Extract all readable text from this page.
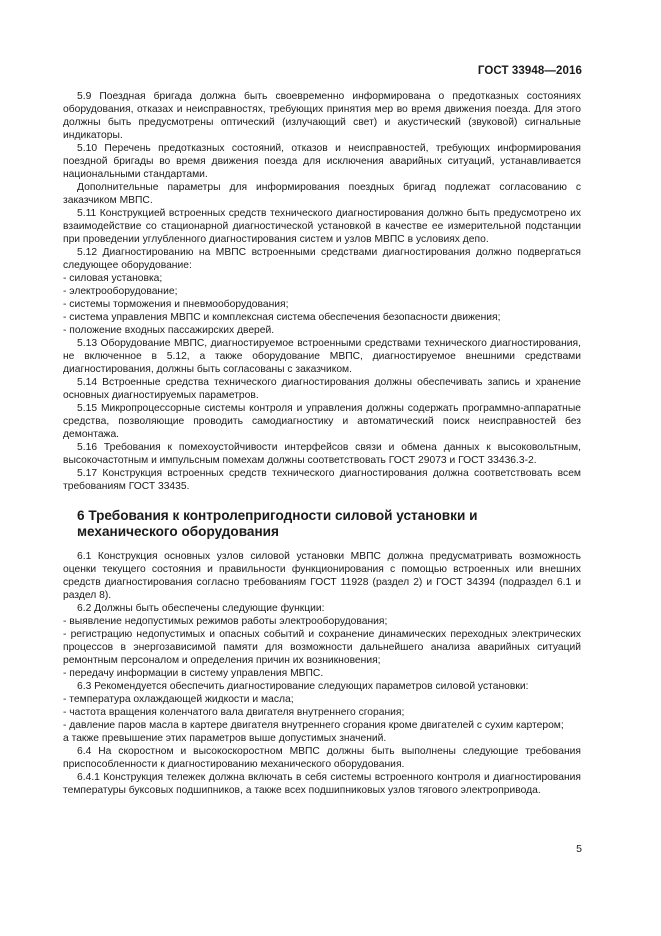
ГОСТ 33948—2016

5.9 Поездная бригада должна быть своевременно информирована о предотказных состояниях оборудования, отказах и неисправностях, требующих принятия мер во время движения поезда. Для этого должны быть предусмотрены оптический (излучающий свет) и акустический (звуковой) сигнальные индикаторы.

5.10 Перечень предотказных состояний, отказов и неисправностей, требующих информирования поездной бригады во время движения поезда для исключения аварийных ситуаций, устанавливается национальными стандартами.

Дополнительные параметры для информирования поездных бригад подлежат согласованию с заказчиком МВПС.

5.11 Конструкцией встроенных средств технического диагностирования должно быть предусмотрено их взаимодействие со стационарной диагностической установкой в качестве ее измерительной подстанции при проведении углубленного диагностирования систем и узлов МВПС в условиях депо.

5.12 Диагностированию на МВПС встроенными средствами диагностирования должно подвергаться следующее оборудование:

- силовая установка;

- электрооборудование;

- системы торможения и пневмооборудования;

- система управления МВПС и комплексная система обеспечения безопасности движения;

- положение входных пассажирских дверей.

5.13 Оборудование МВПС, диагностируемое встроенными средствами технического диагностирования, не включенное в 5.12, а также оборудование МВПС, диагностируемое внешними средствами диагностирования, должны быть согласованы с заказчиком.

5.14 Встроенные средства технического диагностирования должны обеспечивать запись и хранение основных диагностируемых параметров.

5.15 Микропроцессорные системы контроля и управления должны содержать программно-аппаратные средства, позволяющие проводить самодиагностику и автоматический поиск неисправностей без демонтажа.

5.16 Требования к помехоустойчивости интерфейсов связи и обмена данных к высоковольтным, высокочастотным и импульсным помехам должны соответствовать ГОСТ 29073 и ГОСТ 33436.3-2.

5.17 Конструкция встроенных средств технического диагностирования должна соответствовать всем требованиям ГОСТ 33435.

6 Требования к контролепригодности силовой установки и механического оборудования

6.1 Конструкция основных узлов силовой установки МВПС должна предусматривать возможность оценки текущего состояния и правильности функционирования с помощью встроенных или внешних средств диагностирования согласно требованиям ГОСТ 11928 (раздел 2) и ГОСТ 34394 (подраздел 6.1 и раздел 8).

6.2 Должны быть обеспечены следующие функции:

- выявление недопустимых режимов работы электрооборудования;

- регистрацию недопустимых и опасных событий и сохранение динамических переходных электрических процессов в энергозависимой памяти для возможности дальнейшего анализа аварийных ситуаций ремонтным персоналом и определения причин их возникновения;

- передачу информации в систему управления МВПС.

6.3 Рекомендуется обеспечить диагностирование следующих параметров силовой установки:

- температура охлаждающей жидкости и масла;

- частота вращения коленчатого вала двигателя внутреннего сгорания;

- давление паров масла в картере двигателя внутреннего сгорания кроме двигателей с сухим картером;

а также превышение этих параметров выше допустимых значений.

6.4 На скоростном и высокоскоростном МВПС должны быть выполнены следующие требования приспособленности к диагностированию механического оборудования.

6.4.1 Конструкция тележек должна включать в себя системы встроенного контроля и диагностирования температуры буксовых подшипников, а также всех подшипниковых узлов тягового электропривода.

5
